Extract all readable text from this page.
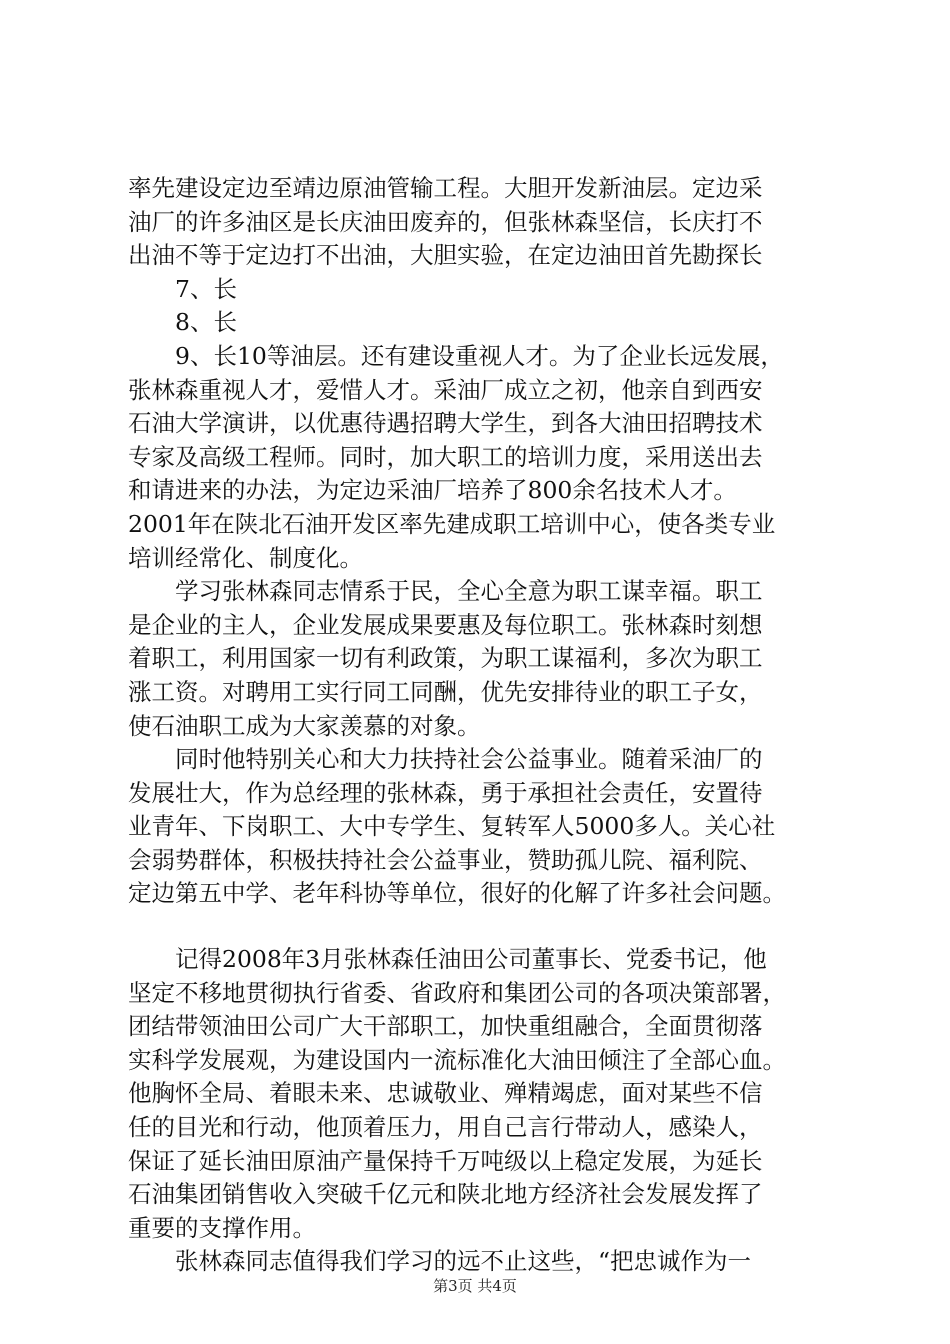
率先建设定边至靖边原油管输工程。大胆开发新油层。定边采
油厂的许多油区是长庆油田废弃的，但张林森坚信，长庆打不
出油不等于定边打不出油，大胆实验，在定边油田首先勘探长
7、长
8、长
9、长10等油层。还有建设重视人才。为了企业长远发展，
张林森重视人才，爱惜人才。采油厂成立之初，他亲自到西安
石油大学演讲，以优惠待遇招聘大学生，到各大油田招聘技术
专家及高级工程师。同时，加大职工的培训力度，采用送出去
和请进来的办法，为定边采油厂培养了800余名技术人才。
2001年在陕北石油开发区率先建成职工培训中心，使各类专业
培训经常化、制度化。
学习张林森同志情系于民，全心全意为职工谋幸福。职工
是企业的主人，企业发展成果要惠及每位职工。张林森时刻想
着职工，利用国家一切有利政策，为职工谋福利，多次为职工
涨工资。对聘用工实行同工同酬，优先安排待业的职工子女，
使石油职工成为大家羡慕的对象。
同时他特别关心和大力扶持社会公益事业。随着采油厂的
发展壮大，作为总经理的张林森，勇于承担社会责任，安置待
业青年、下岗职工、大中专学生、复转军人5000多人。关心社
会弱势群体，积极扶持社会公益事业，赞助孤儿院、福利院、
定边第五中学、老年科协等单位，很好的化解了许多社会问题。
记得2008年3月张林森任油田公司董事长、党委书记，他
坚定不移地贯彻执行省委、省政府和集团公司的各项决策部署，
团结带领油田公司广大干部职工，加快重组融合，全面贯彻落
实科学发展观，为建设国内一流标准化大油田倾注了全部心血。
他胸怀全局、着眼未来、忠诚敬业、殚精竭虑，面对某些不信
任的目光和行动，他顶着压力，用自己言行带动人，感染人，
保证了延长油田原油产量保持千万吨级以上稳定发展，为延长
石油集团销售收入突破千亿元和陕北地方经济社会发展发挥了
重要的支撑作用。
张林森同志值得我们学习的远不止这些，“把忠诚作为一
第3页 共4页
